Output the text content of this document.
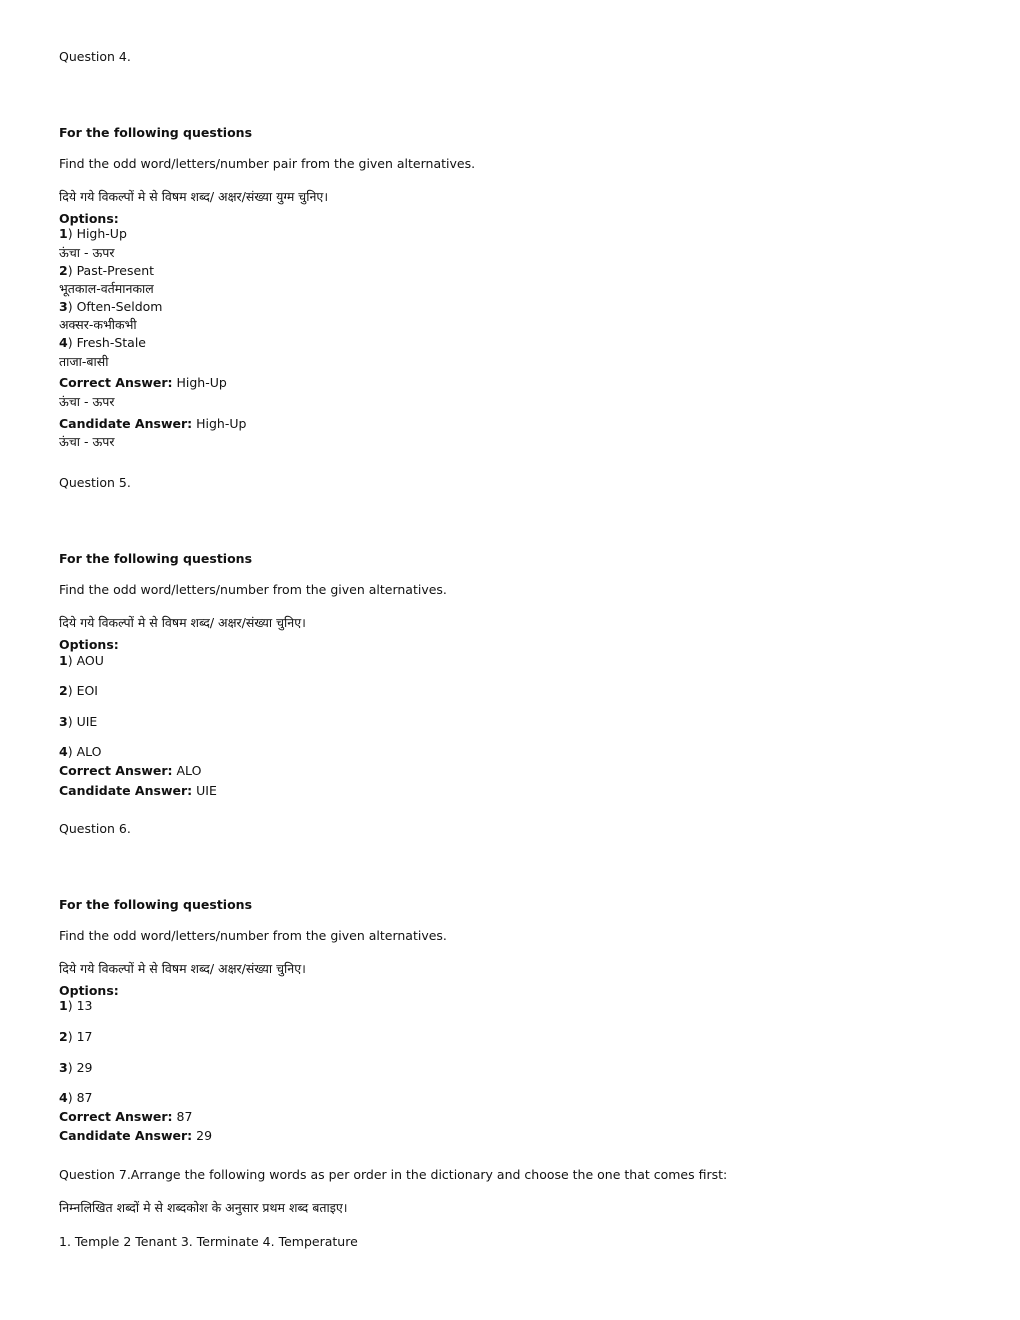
Question 4.
For the following questions
Find the odd word/letters/number pair from the given alternatives.
दिये गये विकल्पों मे से विषम शब्द/ अक्षर/संख्या युग्म चुनिए।
Options:
1) High-Up
ऊंचा - ऊपर
2) Past-Present
भूतकाल-वर्तमानकाल
3) Often-Seldom
अक्सर-कभीकभी
4) Fresh-Stale
ताजा-बासी
Correct Answer: High-Up
ऊंचा - ऊपर
Candidate Answer: High-Up
ऊंचा - ऊपर
Question 5.
For the following questions
Find the odd word/letters/number from the given alternatives.
दिये गये विकल्पों मे से विषम शब्द/ अक्षर/संख्या चुनिए।
Options:
1) AOU
2) EOI
3) UIE
4) ALO
Correct Answer: ALO
Candidate Answer: UIE
Question 6.
For the following questions
Find the odd word/letters/number from the given alternatives.
दिये गये विकल्पों मे से विषम शब्द/ अक्षर/संख्या चुनिए।
Options:
1) 13
2) 17
3) 29
4) 87
Correct Answer: 87
Candidate Answer: 29
Question 7.Arrange the following words as per order in the dictionary and choose the one that comes first:
निम्नलिखित शब्दों मे से शब्दकोश के अनुसार प्रथम शब्द बताइए।
1. Temple 2 Tenant 3. Terminate 4. Temperature
